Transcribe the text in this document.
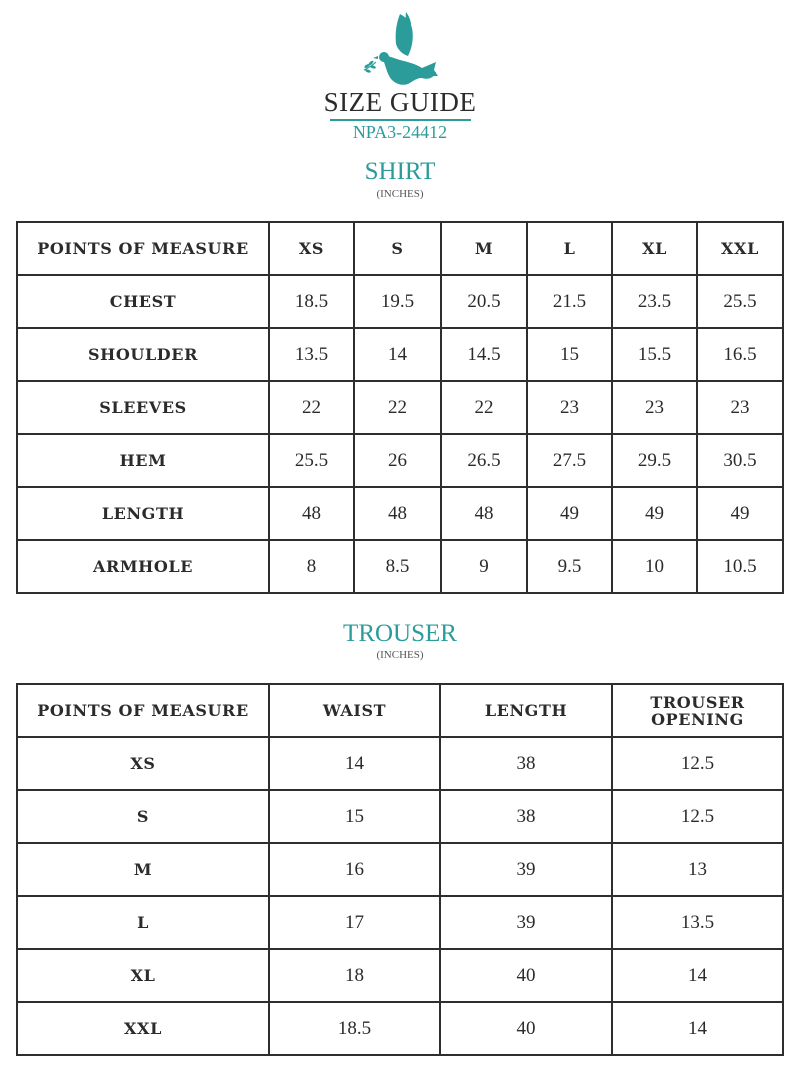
SIZE GUIDE
NPA3-24412
SHIRT
(INCHES)
POINTS OF MEASURE	XS	S	M	L	XL	XXL
CHEST	18.5	19.5	20.5	21.5	23.5	25.5
SHOULDER	13.5	14	14.5	15	15.5	16.5
SLEEVES	22	22	22	23	23	23
HEM	25.5	26	26.5	27.5	29.5	30.5
LENGTH	48	48	48	49	49	49
ARMHOLE	8	8.5	9	9.5	10	10.5
TROUSER
(INCHES)
POINTS OF MEASURE	WAIST	LENGTH	TROUSER
OPENING

XS	14	38	12.5
S	15	38	12.5
M	16	39	13
L	17	39	13.5
XL	18	40	14
XXL	18.5	40	14
